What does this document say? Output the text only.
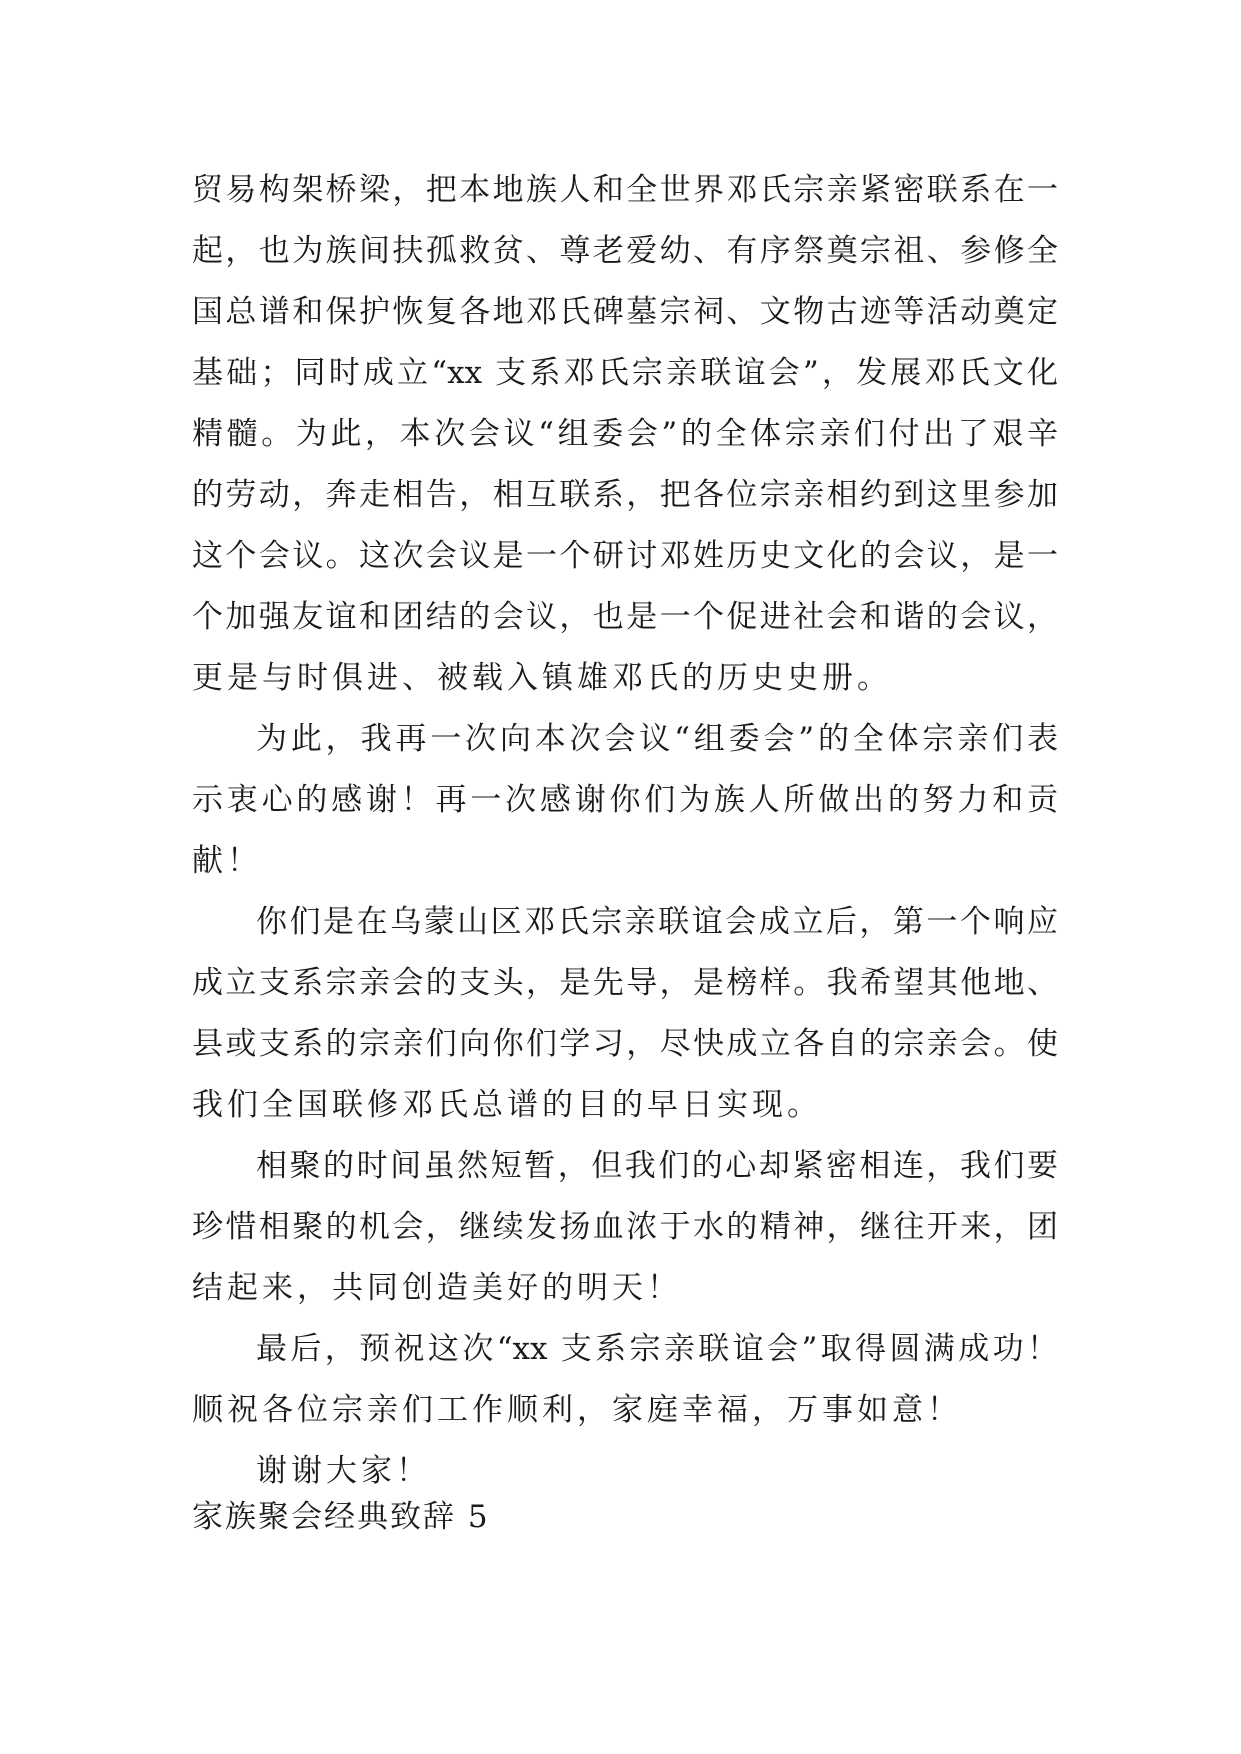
贸易构架桥梁，把本地族人和全世界邓氏宗亲紧密联系在一
起，也为族间扶孤救贫、尊老爱幼、有序祭奠宗祖、参修全
国总谱和保护恢复各地邓氏碑墓宗祠、文物古迹等活动奠定
基础；同时成立“xx 支系邓氏宗亲联谊会”，发展邓氏文化
精髓。为此，本次会议“组委会”的全体宗亲们付出了艰辛
的劳动，奔走相告，相互联系，把各位宗亲相约到这里参加
这个会议。这次会议是一个研讨邓姓历史文化的会议，是一
个加强友谊和团结的会议，也是一个促进社会和谐的会议，
更是与时俱进、被载入镇雄邓氏的历史史册。
为此，我再一次向本次会议“组委会”的全体宗亲们表
示衷心的感谢！再一次感谢你们为族人所做出的努力和贡
献！
你们是在乌蒙山区邓氏宗亲联谊会成立后，第一个响应
成立支系宗亲会的支头，是先导，是榜样。我希望其他地、
县或支系的宗亲们向你们学习，尽快成立各自的宗亲会。使
我们全国联修邓氏总谱的目的早日实现。
相聚的时间虽然短暂，但我们的心却紧密相连，我们要
珍惜相聚的机会，继续发扬血浓于水的精神，继往开来，团
结起来，共同创造美好的明天！
最后，预祝这次“xx 支系宗亲联谊会”取得圆满成功！
顺祝各位宗亲们工作顺利，家庭幸福，万事如意！
谢谢大家！
家族聚会经典致辞 5
